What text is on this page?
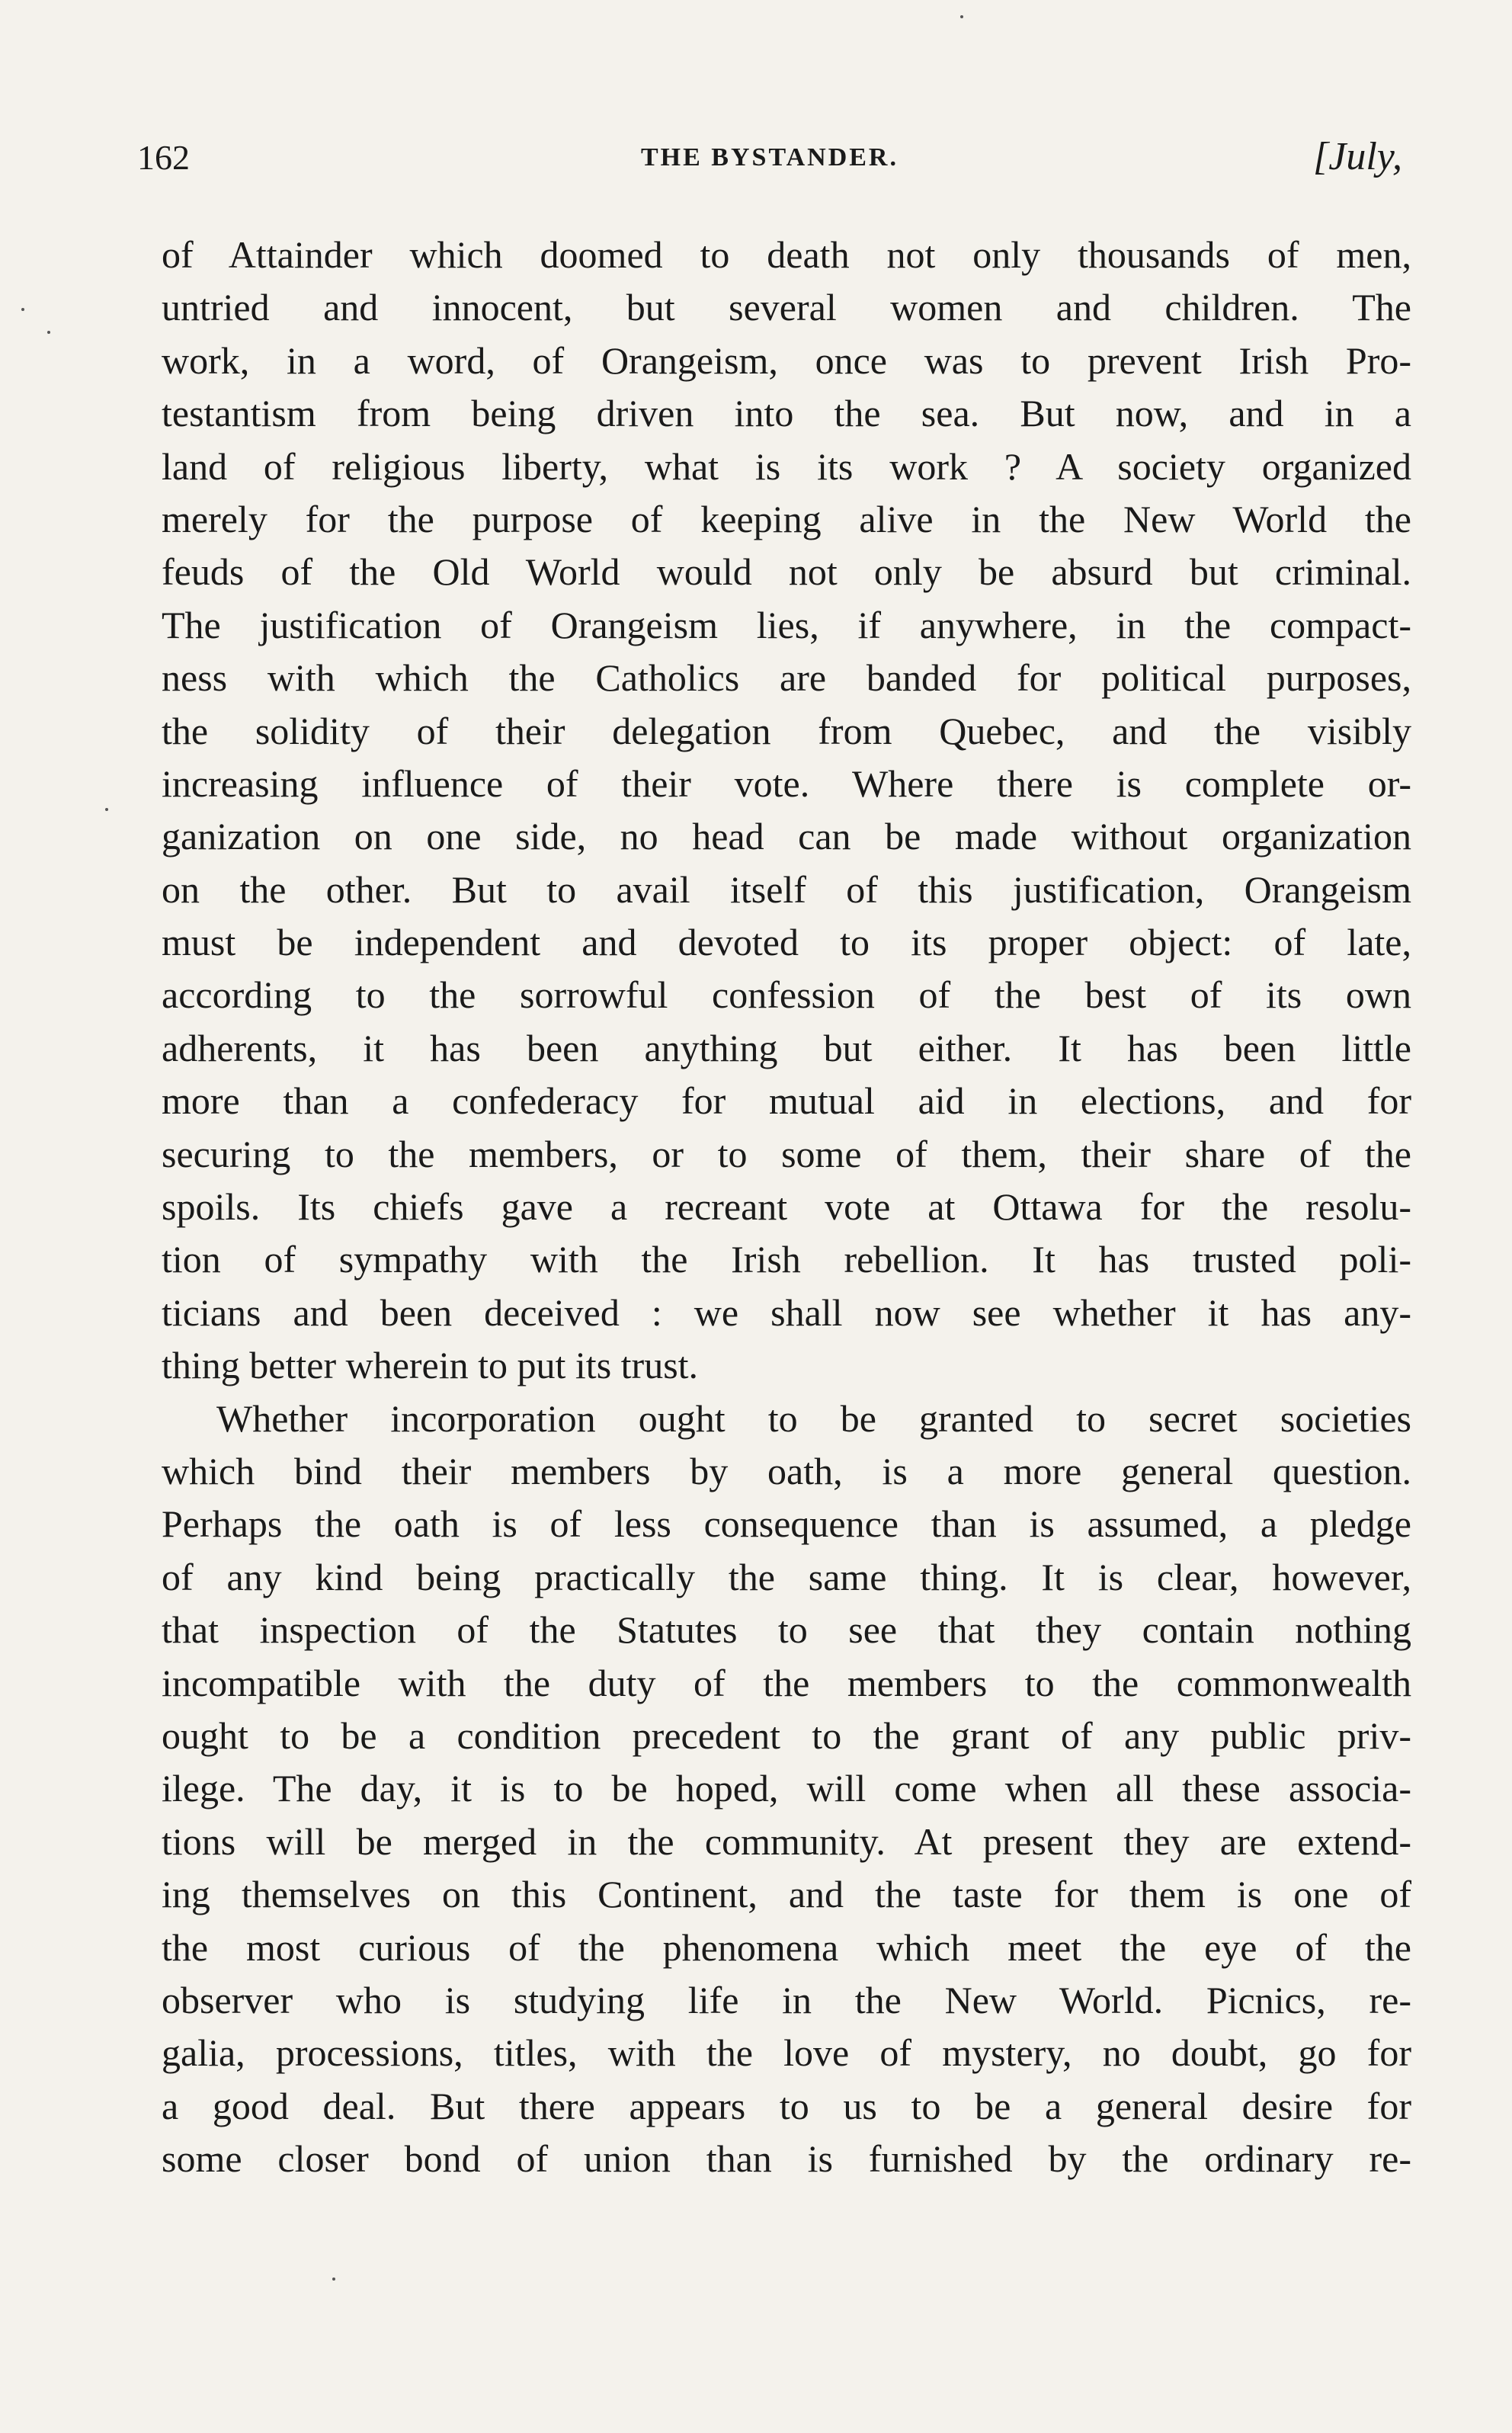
162	THE BYSTANDER.	[July,
of Attainder which doomed to death not only thousands of men,
untried and innocent, but several women and children. The
work, in a word, of Orangeism, once was to prevent Irish Pro-
testantism from being driven into the sea. But now, and in a
land of religious liberty, what is its work ? A society organized
merely for the purpose of keeping alive in the New World the
feuds of the Old World would not only be absurd but criminal.
The justification of Orangeism lies, if anywhere, in the compact-
ness with which the Catholics are banded for political purposes,
the solidity of their delegation from Quebec, and the visibly
increasing influence of their vote. Where there is complete or-
ganization on one side, no head can be made without organization
on the other. But to avail itself of this justification, Orangeism
must be independent and devoted to its proper object: of late,
according to the sorrowful confession of the best of its own
adherents, it has been anything but either. It has been little
more than a confederacy for mutual aid in elections, and for
securing to the members, or to some of them, their share of the
spoils. Its chiefs gave a recreant vote at Ottawa for the resolu-
tion of sympathy with the Irish rebellion. It has trusted poli-
ticians and been deceived : we shall now see whether it has any-
thing better wherein to put its trust.
Whether incorporation ought to be granted to secret societies
which bind their members by oath, is a more general question.
Perhaps the oath is of less consequence than is assumed, a pledge
of any kind being practically the same thing. It is clear, however,
that inspection of the Statutes to see that they contain nothing
incompatible with the duty of the members to the commonwealth
ought to be a condition precedent to the grant of any public priv-
ilege. The day, it is to be hoped, will come when all these associa-
tions will be merged in the community. At present they are extend-
ing themselves on this Continent, and the taste for them is one of
the most curious of the phenomena which meet the eye of the
observer who is studying life in the New World. Picnics, re-
galia, processions, titles, with the love of mystery, no doubt, go for
a good deal. But there appears to us to be a general desire for
some closer bond of union than is furnished by the ordinary re-
